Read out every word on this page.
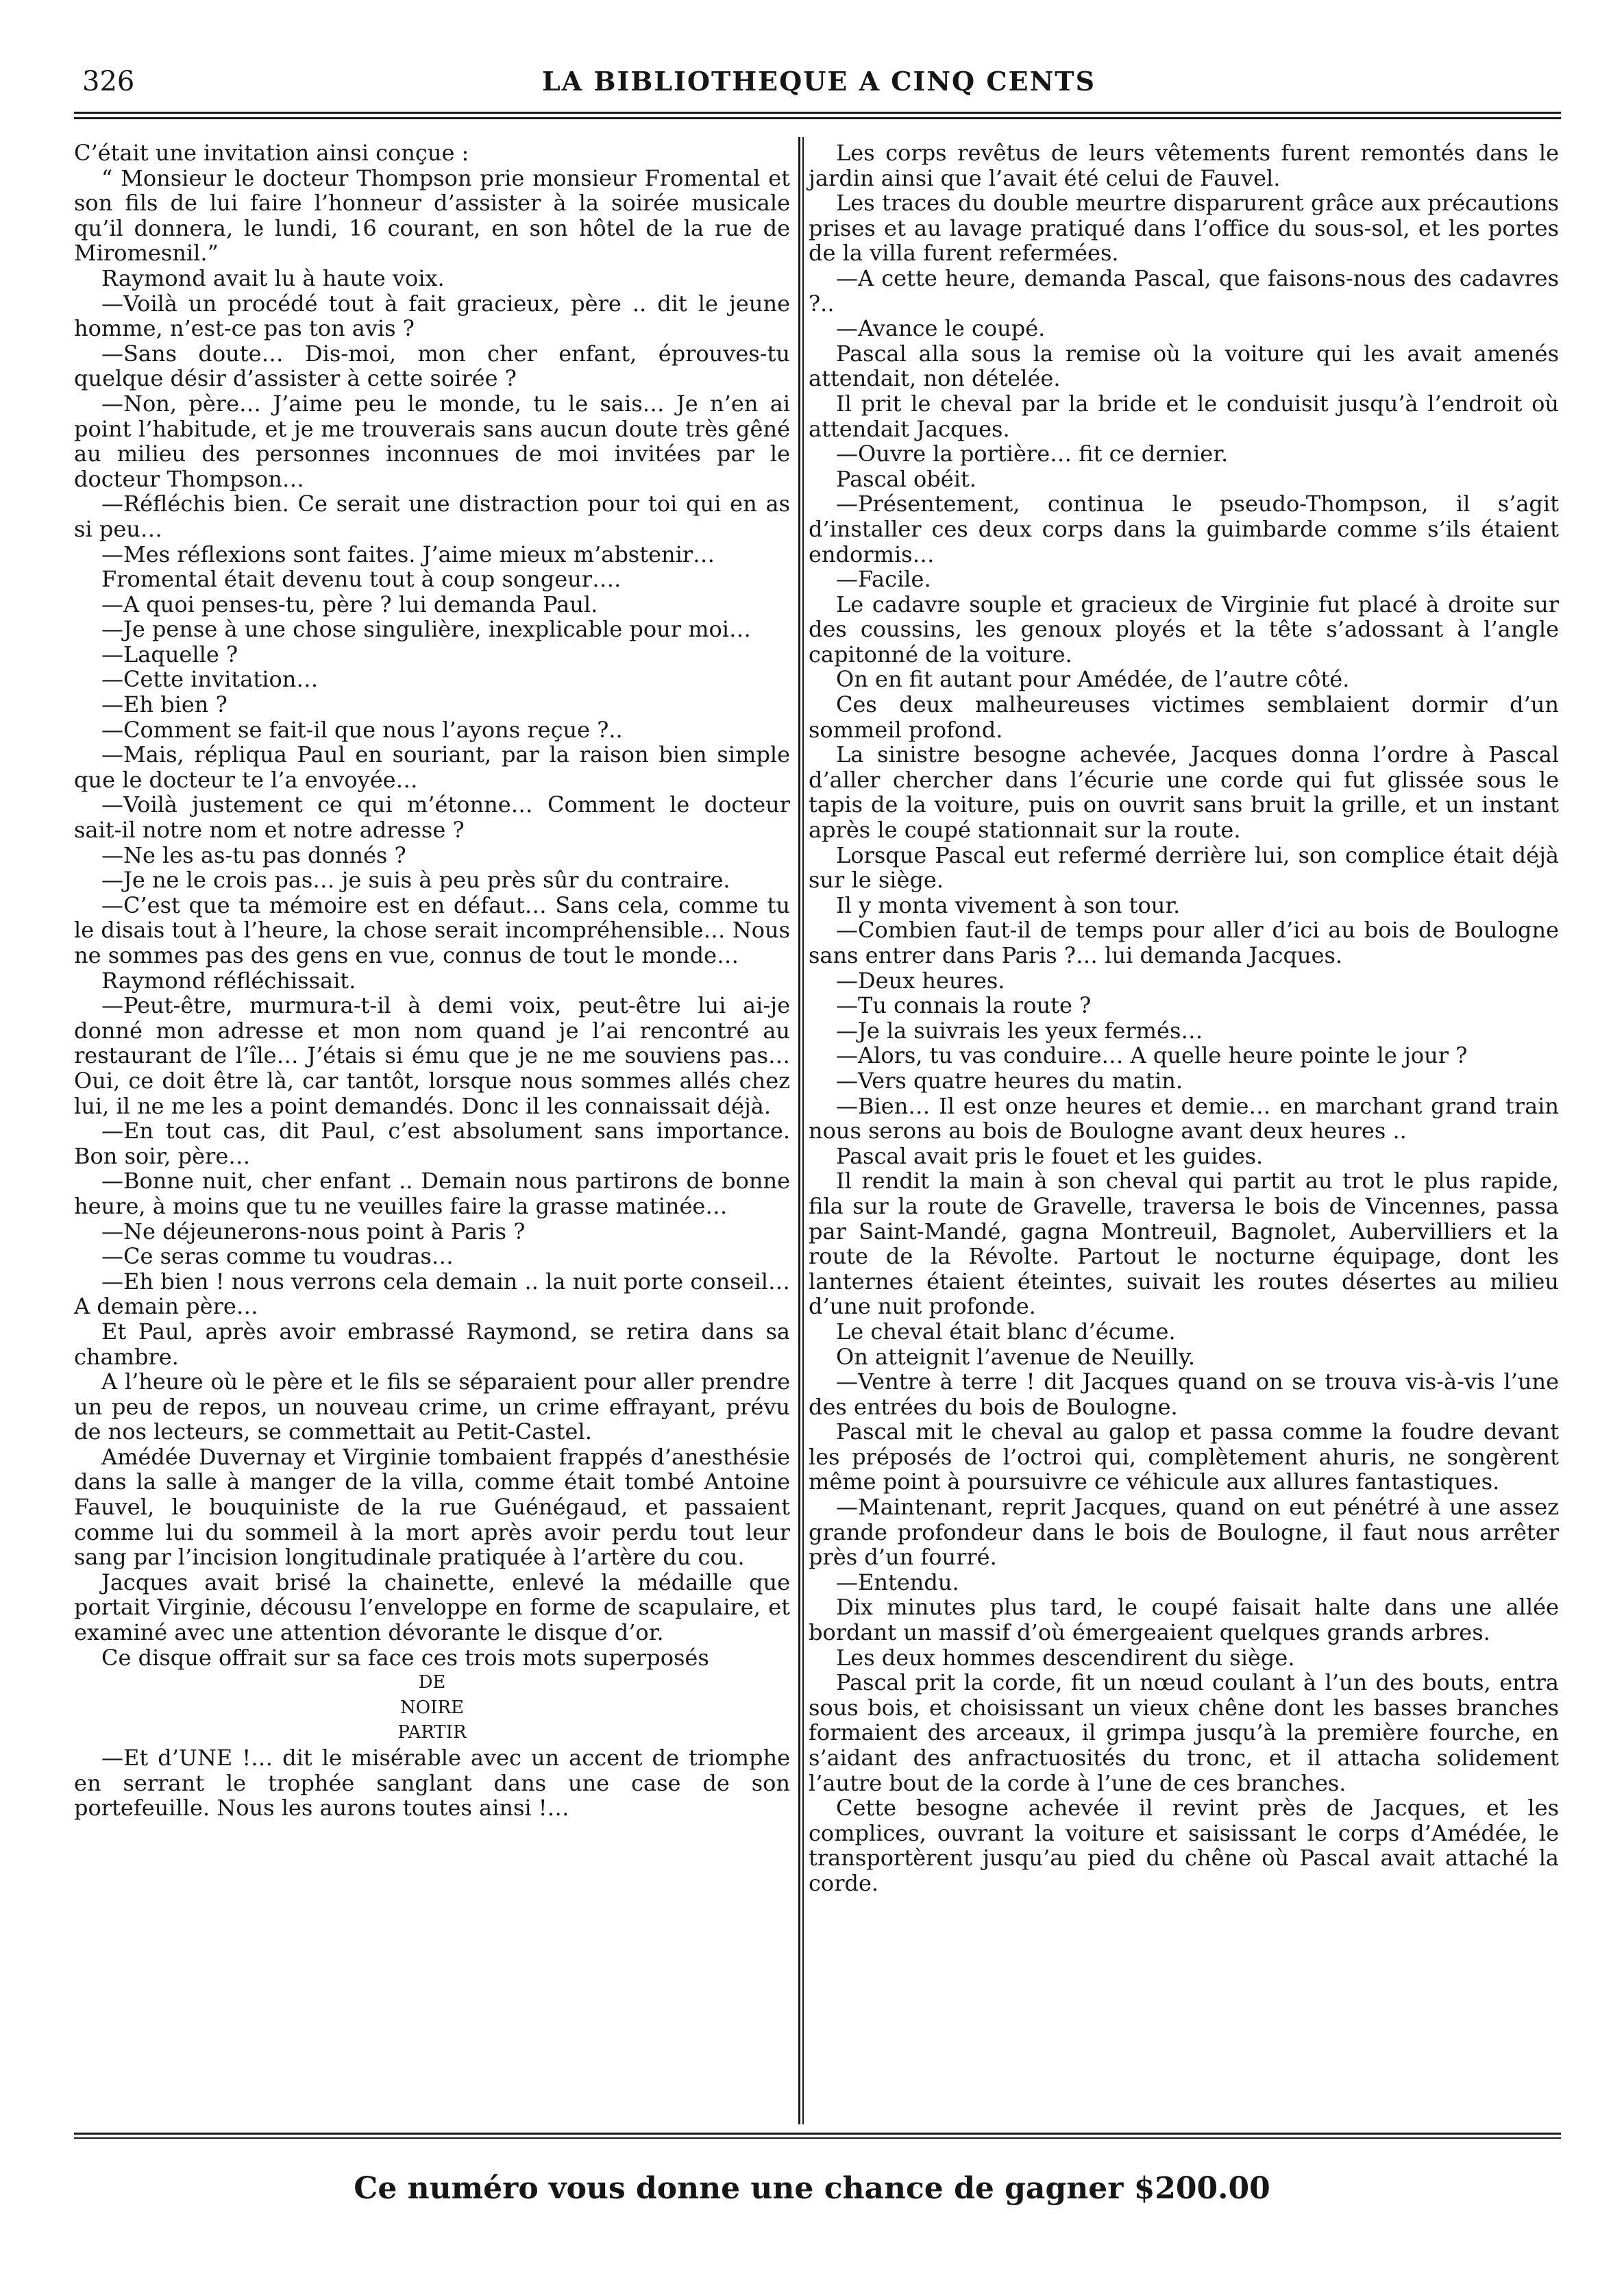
326	LA BIBLIOTHEQUE A CINQ CENTS

C’était une invitation ainsi conçue :

“ Monsieur le docteur Thompson prie monsieur Fromental et son fils de lui faire l’honneur d’assister à la soirée musicale qu’il donnera, le lundi, 16 courant, en son hôtel de la rue de Miromesnil.”

Raymond avait lu à haute voix.

—Voilà un procédé tout à fait gracieux, père .. dit le jeune homme, n’est-ce pas ton avis ?

—Sans doute… Dis-moi, mon cher enfant, éprouves-tu quelque désir d’assister à cette soirée ?

—Non, père… J’aime peu le monde, tu le sais… Je n’en ai point l’habitude, et je me trouverais sans aucun doute très gêné au milieu des personnes inconnues de moi invitées par le docteur Thompson…

—Réfléchis bien. Ce serait une distraction pour toi qui en as si peu…

—Mes réflexions sont faites. J’aime mieux m’abstenir…

Fromental était devenu tout à coup songeur….

—A quoi penses-tu, père ? lui demanda Paul.

—Je pense à une chose singulière, inexplicable pour moi…

—Laquelle ?

—Cette invitation…

—Eh bien ?

—Comment se fait-il que nous l’ayons reçue ?..

—Mais, répliqua Paul en souriant, par la raison bien simple que le docteur te l’a envoyée…

—Voilà justement ce qui m’étonne… Comment le docteur sait-il notre nom et notre adresse ?

—Ne les as-tu pas donnés ?

—Je ne le crois pas… je suis à peu près sûr du contraire.

—C’est que ta mémoire est en défaut… Sans cela, comme tu le disais tout à l’heure, la chose serait incompréhensible… Nous ne sommes pas des gens en vue, connus de tout le monde…

Raymond réfléchissait.

—Peut-être, murmura-t-il à demi voix, peut-être lui ai-je donné mon adresse et mon nom quand je l’ai rencontré au restaurant de l’île… J’étais si ému que je ne me souviens pas… Oui, ce doit être là, car tantôt, lorsque nous sommes allés chez lui, il ne me les a point demandés. Donc il les connaissait déjà.

—En tout cas, dit Paul, c’est absolument sans importance. Bon soir, père…

—Bonne nuit, cher enfant .. Demain nous partirons de bonne heure, à moins que tu ne veuilles faire la grasse matinée…

—Ne déjeunerons-nous point à Paris ?

—Ce seras comme tu voudras…

—Eh bien ! nous verrons cela demain .. la nuit porte conseil… A demain père…

Et Paul, après avoir embrassé Raymond, se retira dans sa chambre.

A l’heure où le père et le fils se séparaient pour aller prendre un peu de repos, un nouveau crime, un crime effrayant, prévu de nos lecteurs, se commettait au Petit-Castel.

Amédée Duvernay et Virginie tombaient frappés d’anesthésie dans la salle à manger de la villa, comme était tombé Antoine Fauvel, le bouquiniste de la rue Guénégaud, et passaient comme lui du sommeil à la mort après avoir perdu tout leur sang par l’incision longitudinale pratiquée à l’artère du cou.

Jacques avait brisé la chainette, enlevé la médaille que portait Virginie, décousu l’enveloppe en forme de scapulaire, et examiné avec une attention dévorante le disque d’or.

Ce disque offrait sur sa face ces trois mots superposés

DE

NOIRE

PARTIR

—Et d’UNE !… dit le misérable avec un accent de triomphe en serrant le trophée sanglant dans une case de son portefeuille. Nous les aurons toutes ainsi !…

Les corps revêtus de leurs vêtements furent remontés dans le jardin ainsi que l’avait été celui de Fauvel.

Les traces du double meurtre disparurent grâce aux précautions prises et au lavage pratiqué dans l’office du sous-sol, et les portes de la villa furent refermées.

—A cette heure, demanda Pascal, que faisons-nous des cadavres ?..

—Avance le coupé.

Pascal alla sous la remise où la voiture qui les avait amenés attendait, non dételée.

Il prit le cheval par la bride et le conduisit jusqu’à l’endroit où attendait Jacques.

—Ouvre la portière… fit ce dernier.

Pascal obéit.

—Présentement, continua le pseudo-Thompson, il s’agit d’installer ces deux corps dans la guimbarde comme s’ils étaient endormis…

—Facile.

Le cadavre souple et gracieux de Virginie fut placé à droite sur des coussins, les genoux ployés et la tête s’adossant à l’angle capitonné de la voiture.

On en fit autant pour Amédée, de l’autre côté.

Ces deux malheureuses victimes semblaient dormir d’un sommeil profond.

La sinistre besogne achevée, Jacques donna l’ordre à Pascal d’aller chercher dans l’écurie une corde qui fut glissée sous le tapis de la voiture, puis on ouvrit sans bruit la grille, et un instant après le coupé stationnait sur la route.

Lorsque Pascal eut refermé derrière lui, son complice était déjà sur le siège.

Il y monta vivement à son tour.

—Combien faut-il de temps pour aller d’ici au bois de Boulogne sans entrer dans Paris ?… lui demanda Jacques.

—Deux heures.

—Tu connais la route ?

—Je la suivrais les yeux fermés…

—Alors, tu vas conduire… A quelle heure pointe le jour ?

—Vers quatre heures du matin.

—Bien… Il est onze heures et demie… en marchant grand train nous serons au bois de Boulogne avant deux heures ..

Pascal avait pris le fouet et les guides.

Il rendit la main à son cheval qui partit au trot le plus rapide, fila sur la route de Gravelle, traversa le bois de Vincennes, passa par Saint-Mandé, gagna Montreuil, Bagnolet, Aubervilliers et la route de la Révolte. Partout le nocturne équipage, dont les lanternes étaient éteintes, suivait les routes désertes au milieu d’une nuit profonde.

Le cheval était blanc d’écume.

On atteignit l’avenue de Neuilly.

—Ventre à terre ! dit Jacques quand on se trouva vis-à-vis l’une des entrées du bois de Boulogne.

Pascal mit le cheval au galop et passa comme la foudre devant les préposés de l’octroi qui, complètement ahuris, ne songèrent même point à poursuivre ce véhicule aux allures fantastiques.

—Maintenant, reprit Jacques, quand on eut pénétré à une assez grande profondeur dans le bois de Boulogne, il faut nous arrêter près d’un fourré.

—Entendu.

Dix minutes plus tard, le coupé faisait halte dans une allée bordant un massif d’où émergeaient quelques grands arbres.

Les deux hommes descendirent du siège.

Pascal prit la corde, fit un nœud coulant à l’un des bouts, entra sous bois, et choisissant un vieux chêne dont les basses branches formaient des arceaux, il grimpa jusqu’à la première fourche, en s’aidant des anfractuosités du tronc, et il attacha solidement l’autre bout de la corde à l’une de ces branches.

Cette besogne achevée il revint près de Jacques, et les complices, ouvrant la voiture et saisissant le corps d’Amédée, le transportèrent jusqu’au pied du chêne où Pascal avait attaché la corde.

Ce numéro vous donne une chance de gagner $200.00
